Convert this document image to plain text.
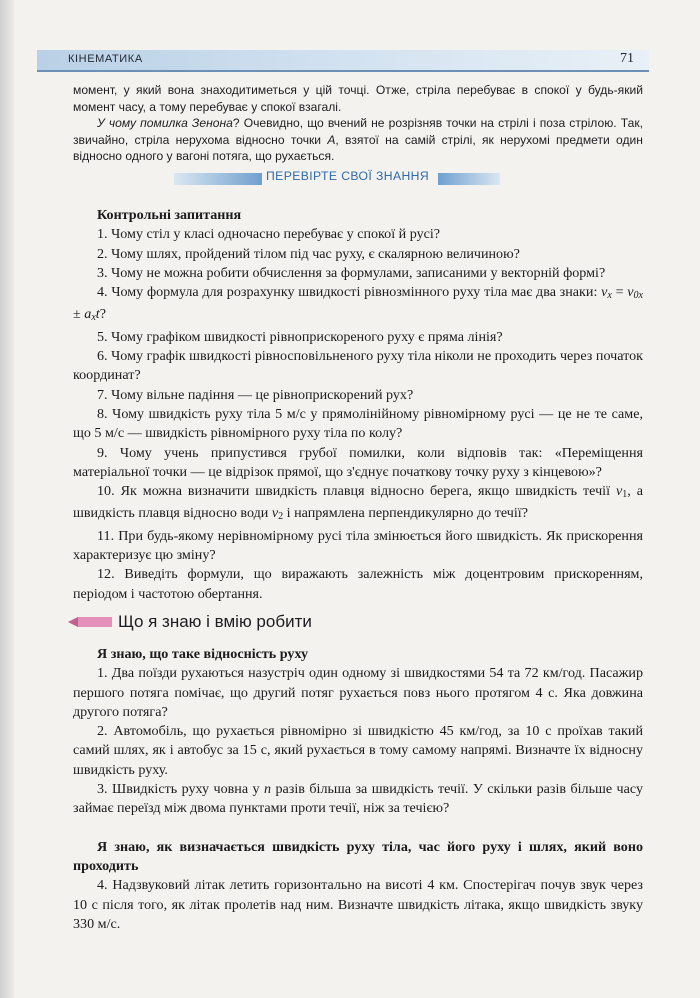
КІНЕМАТИКА	71

момент, у який вона знаходитиметься у цій точці. Отже, стріла перебуває в спокої у будь-який момент часу, а тому перебуває у спокої взагалі.

У чому помилка Зенона? Очевидно, що вчений не розрізняв точки на стрілі і поза стрілою. Так, звичайно, стріла нерухома відносно точки А, взятої на самій стрілі, як нерухомі предмети один відносно одного у вагоні потяга, що рухається.

ПЕРЕВІРТЕ СВОЇ ЗНАННЯ

Контрольні запитання

1. Чому стіл у класі одночасно перебуває у спокої й русі?

2. Чому шлях, пройдений тілом під час руху, є скалярною величиною?

3. Чому не можна робити обчислення за формулами, записаними у векторній формі?

4. Чому формула для розрахунку швидкості рівнозмінного руху тіла має два знаки: $v_x = v_{0x} \pm a_xt$?

5. Чому графіком швидкості рівноприскореного руху є пряма лінія?

6. Чому графік швидкості рівносповільненого руху тіла ніколи не проходить через початок координат?

7. Чому вільне падіння — це рівноприскорений рух?

8. Чому швидкість руху тіла 5 м/с у прямолінійному рівномірному русі — це не те саме, що 5 м/с — швидкість рівномірного руху тіла по колу?

9. Чому учень припустився грубої помилки, коли відповів так: «Переміщення матеріальної точки — це відрізок прямої, що з'єднує початкову точку руху з кінцевою»?

10. Як можна визначити швидкість плавця відносно берега, якщо швидкість течії $v_1$, а швидкість плавця відносно води $v_2$ і напрямлена перпендикулярно до течії?

11. При будь-якому нерівномірному русі тіла змінюється його швидкість. Як прискорення характеризує цю зміну?

12. Виведіть формули, що виражають залежність між доцентровим прискоренням, періодом і частотою обертання.

Що я знаю і вмію робити

Я знаю, що таке відносність руху

1. Два поїзди рухаються назустріч один одному зі швидкостями 54 та 72 км/год. Пасажир першого потяга помічає, що другий потяг рухається повз нього протягом 4 с. Яка довжина другого потяга?

2. Автомобіль, що рухається рівномірно зі швидкістю 45 км/год, за 10 с проїхав такий самий шлях, як і автобус за 15 с, який рухається в тому самому напрямі. Визначте їх відносну швидкість руху.

3. Швидкість руху човна у n разів більша за швидкість течії. У скільки разів більше часу займає переїзд між двома пунктами проти течії, ніж за течією?

Я знаю, як визначається швидкість руху тіла, час його руху і шлях, який воно проходить

4. Надзвуковий літак летить горизонтально на висоті 4 км. Спостерігач почув звук через 10 с після того, як літак пролетів над ним. Визначте швидкість літака, якщо швидкість звуку 330 м/с.
